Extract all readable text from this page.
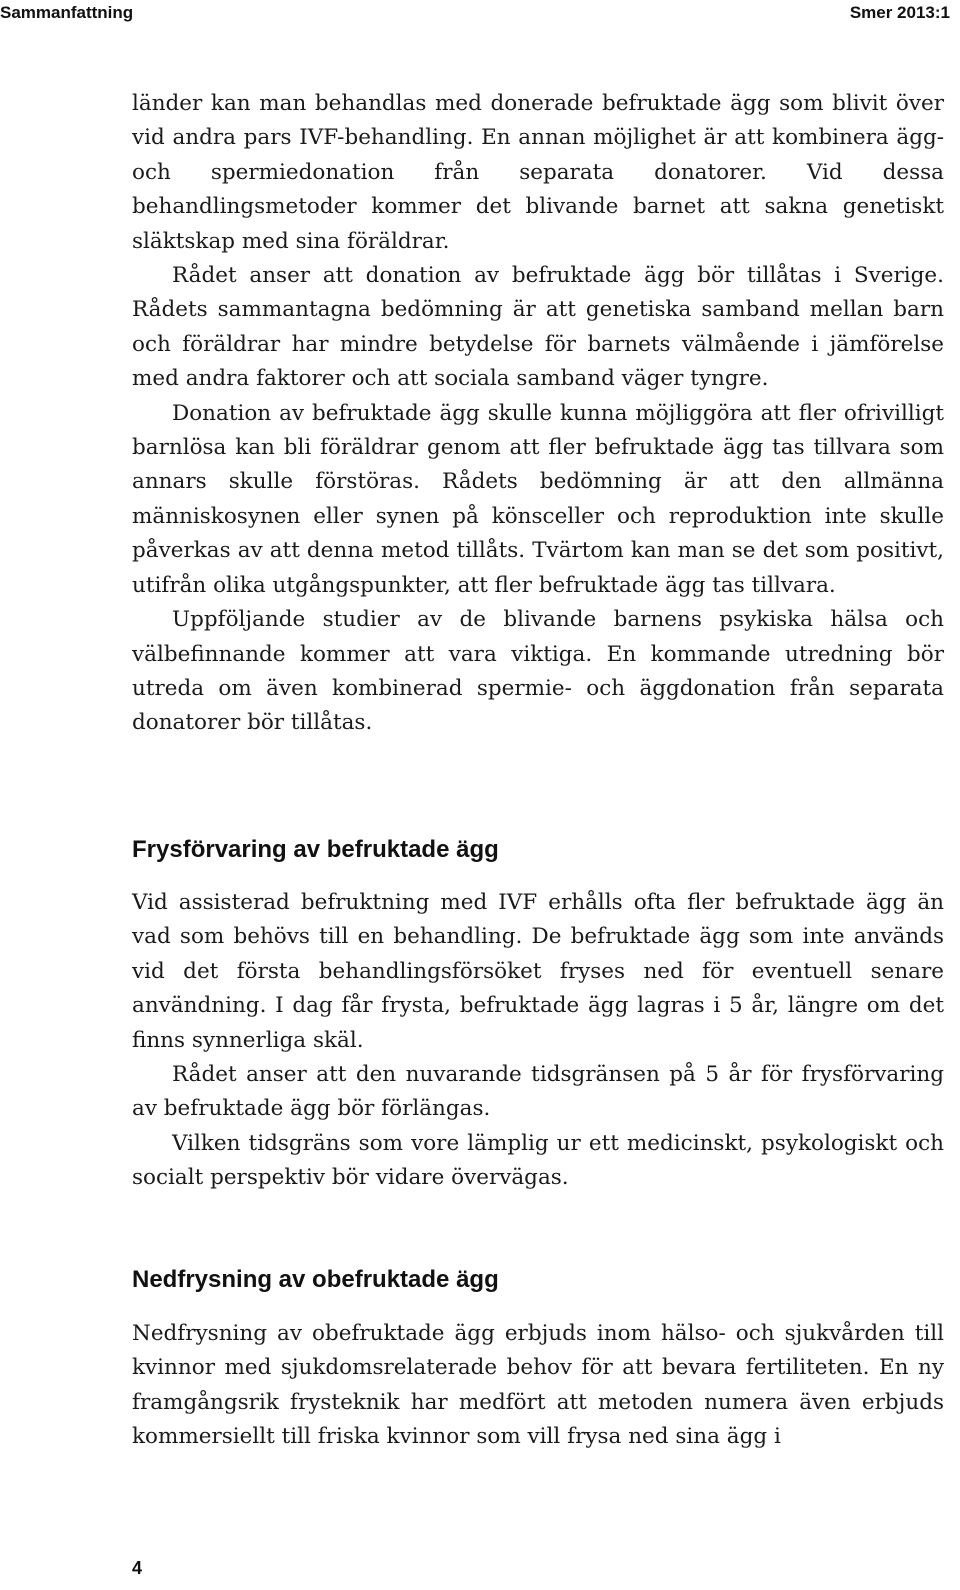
Sammanfattning	Smer 2013:1

länder kan man behandlas med donerade befruktade ägg som blivit över vid andra pars IVF-behandling. En annan möjlighet är att kombinera ägg- och spermiedonation från separata donatorer. Vid dessa behandlingsmetoder kommer det blivande barnet att sakna genetiskt släktskap med sina föräldrar.

Rådet anser att donation av befruktade ägg bör tillåtas i Sverige. Rådets sammantagna bedömning är att genetiska samband mellan barn och föräldrar har mindre betydelse för barnets välmående i jämförelse med andra faktorer och att sociala samband väger tyngre.

Donation av befruktade ägg skulle kunna möjliggöra att fler ofrivilligt barnlösa kan bli föräldrar genom att fler befruktade ägg tas tillvara som annars skulle förstöras. Rådets bedömning är att den allmänna människosynen eller synen på könsceller och reproduktion inte skulle påverkas av att denna metod tillåts. Tvärtom kan man se det som positivt, utifrån olika utgångspunkter, att fler befruktade ägg tas tillvara.

Uppföljande studier av de blivande barnens psykiska hälsa och välbefinnande kommer att vara viktiga. En kommande utredning bör utreda om även kombinerad spermie- och äggdonation från separata donatorer bör tillåtas.

Frysförvaring av befruktade ägg

Vid assisterad befruktning med IVF erhålls ofta fler befruktade ägg än vad som behövs till en behandling. De befruktade ägg som inte används vid det första behandlingsförsöket fryses ned för eventuell senare användning. I dag får frysta, befruktade ägg lagras i 5 år, längre om det finns synnerliga skäl.

Rådet anser att den nuvarande tidsgränsen på 5 år för frysförvaring av befruktade ägg bör förlängas.

Vilken tidsgräns som vore lämplig ur ett medicinskt, psykologiskt och socialt perspektiv bör vidare övervägas.

Nedfrysning av obefruktade ägg

Nedfrysning av obefruktade ägg erbjuds inom hälso- och sjukvården till kvinnor med sjukdomsrelaterade behov för att bevara fertiliteten. En ny framgångsrik frysteknik har medfört att metoden numera även erbjuds kommersiellt till friska kvinnor som vill frysa ned sina ägg i

4
